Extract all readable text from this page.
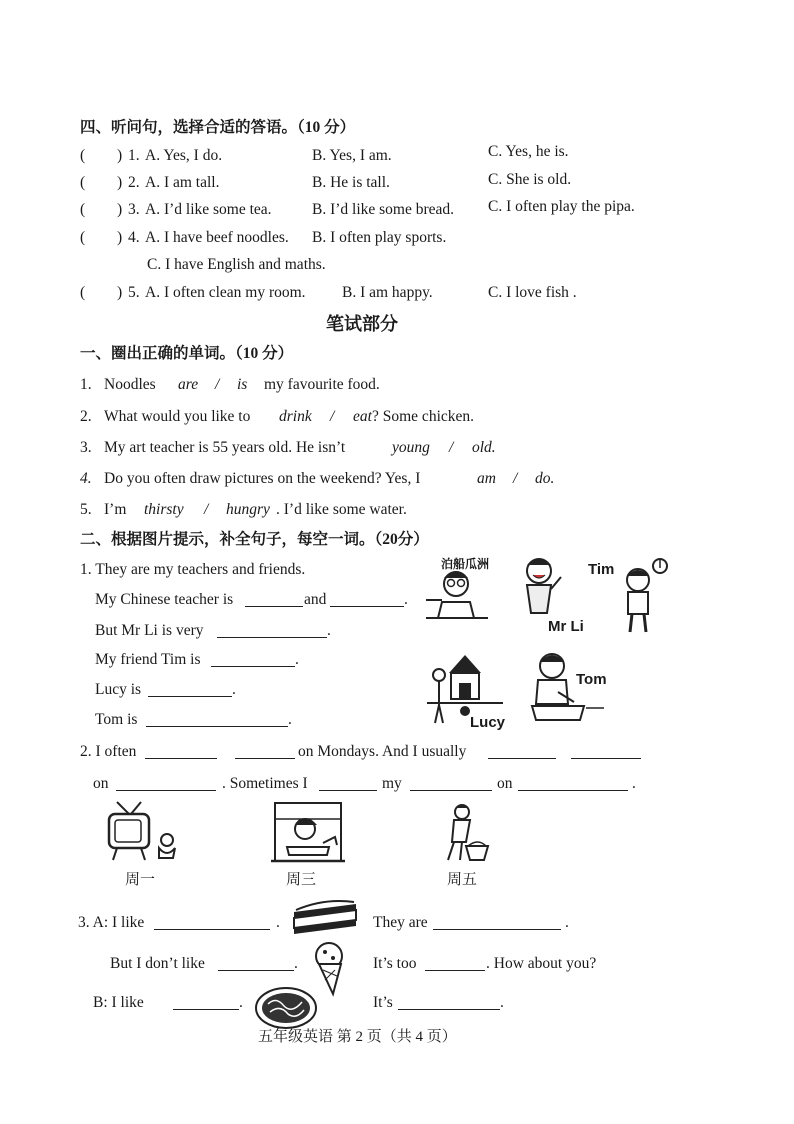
四、听问句，选择合适的答语。（10 分）
( ) 1. A. Yes, I do.	B. Yes, I am.	C. Yes, he is.
( ) 2. A. I am tall.	B. He is tall.	C. She is old.
( ) 3. A. I’d like some tea.	B. I’d like some bread. C. I often play the pipa.
( ) 4. A. I have beef noodles. B. I often play sports.
C. I have English and maths.
( ) 5. A. I often clean my room. B. I am happy.	C. I love fish .
笔试部分
一、圈出正确的单词。（10 分）
1. Noodles are / is my favourite food.
2. What would you like to drink / eat ? Some chicken.
3. My art teacher is 55 years old. He isn’t	young / old.
4. Do you often draw pictures on the weekend? Yes, I	am / do.
5. I’m thirsty / hungry . I’d like some water.
二、根据图片提示，补全句子，每空一词。（20分）
1. They are my teachers and friends.
My Chinese teacher is	and	.
But Mr Li is very	.
My friend Tim is	.
Lucy is	.
Tom is	.
泊船瓜洲
Mr Li
Tim
Lucy
Tom
2. I often	on Mondays. And I usually
on	. Sometimes I	my	on	.
周一	周三	周五
3. A: I like	.	They are	.
But I don’t like	.	It’s too	. How about you?
B: I like	.	It’s	.
五年级英语 第 2 页（共 4 页）
